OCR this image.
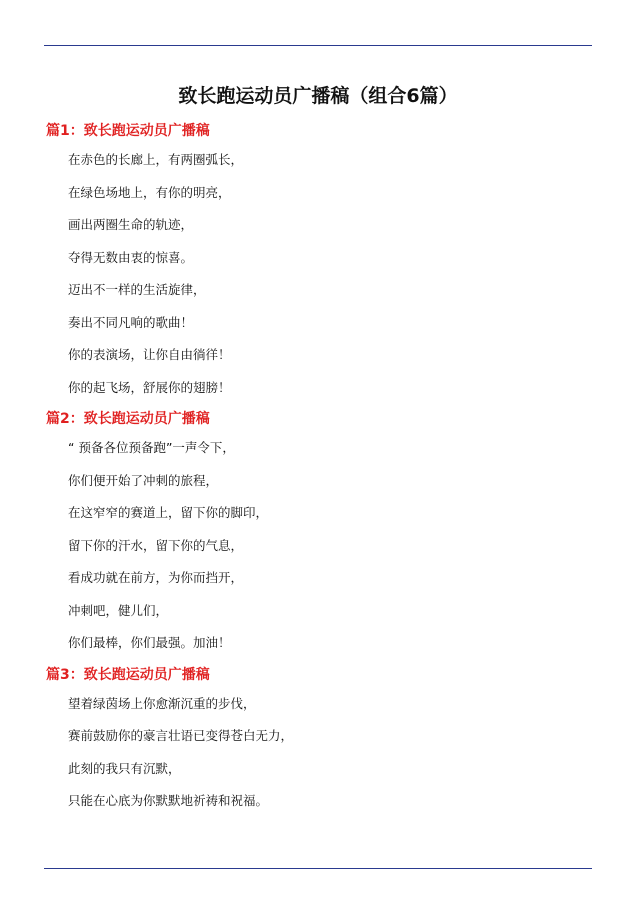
致长跑运动员广播稿（组合6篇）
篇1：致长跑运动员广播稿

在赤色的长廊上，有两圈弧长，

在绿色场地上，有你的明亮，

画出两圈生命的轨迹，

夺得无数由衷的惊喜。

迈出不一样的生活旋律，

奏出不同凡响的歌曲！

你的表演场，让你自由徜徉！

你的起飞场，舒展你的翅膀！

篇2：致长跑运动员广播稿

“ 预备各位预备跑”一声令下，

你们便开始了冲刺的旅程，

在这窄窄的赛道上，留下你的脚印，

留下你的汗水，留下你的气息，

看成功就在前方，为你而挡开，

冲刺吧，健儿们，

你们最棒，你们最强。加油！

篇3：致长跑运动员广播稿

望着绿茵场上你愈渐沉重的步伐，

赛前鼓励你的豪言壮语已变得苍白无力，

此刻的我只有沉默，

只能在心底为你默默地祈祷和祝福。
